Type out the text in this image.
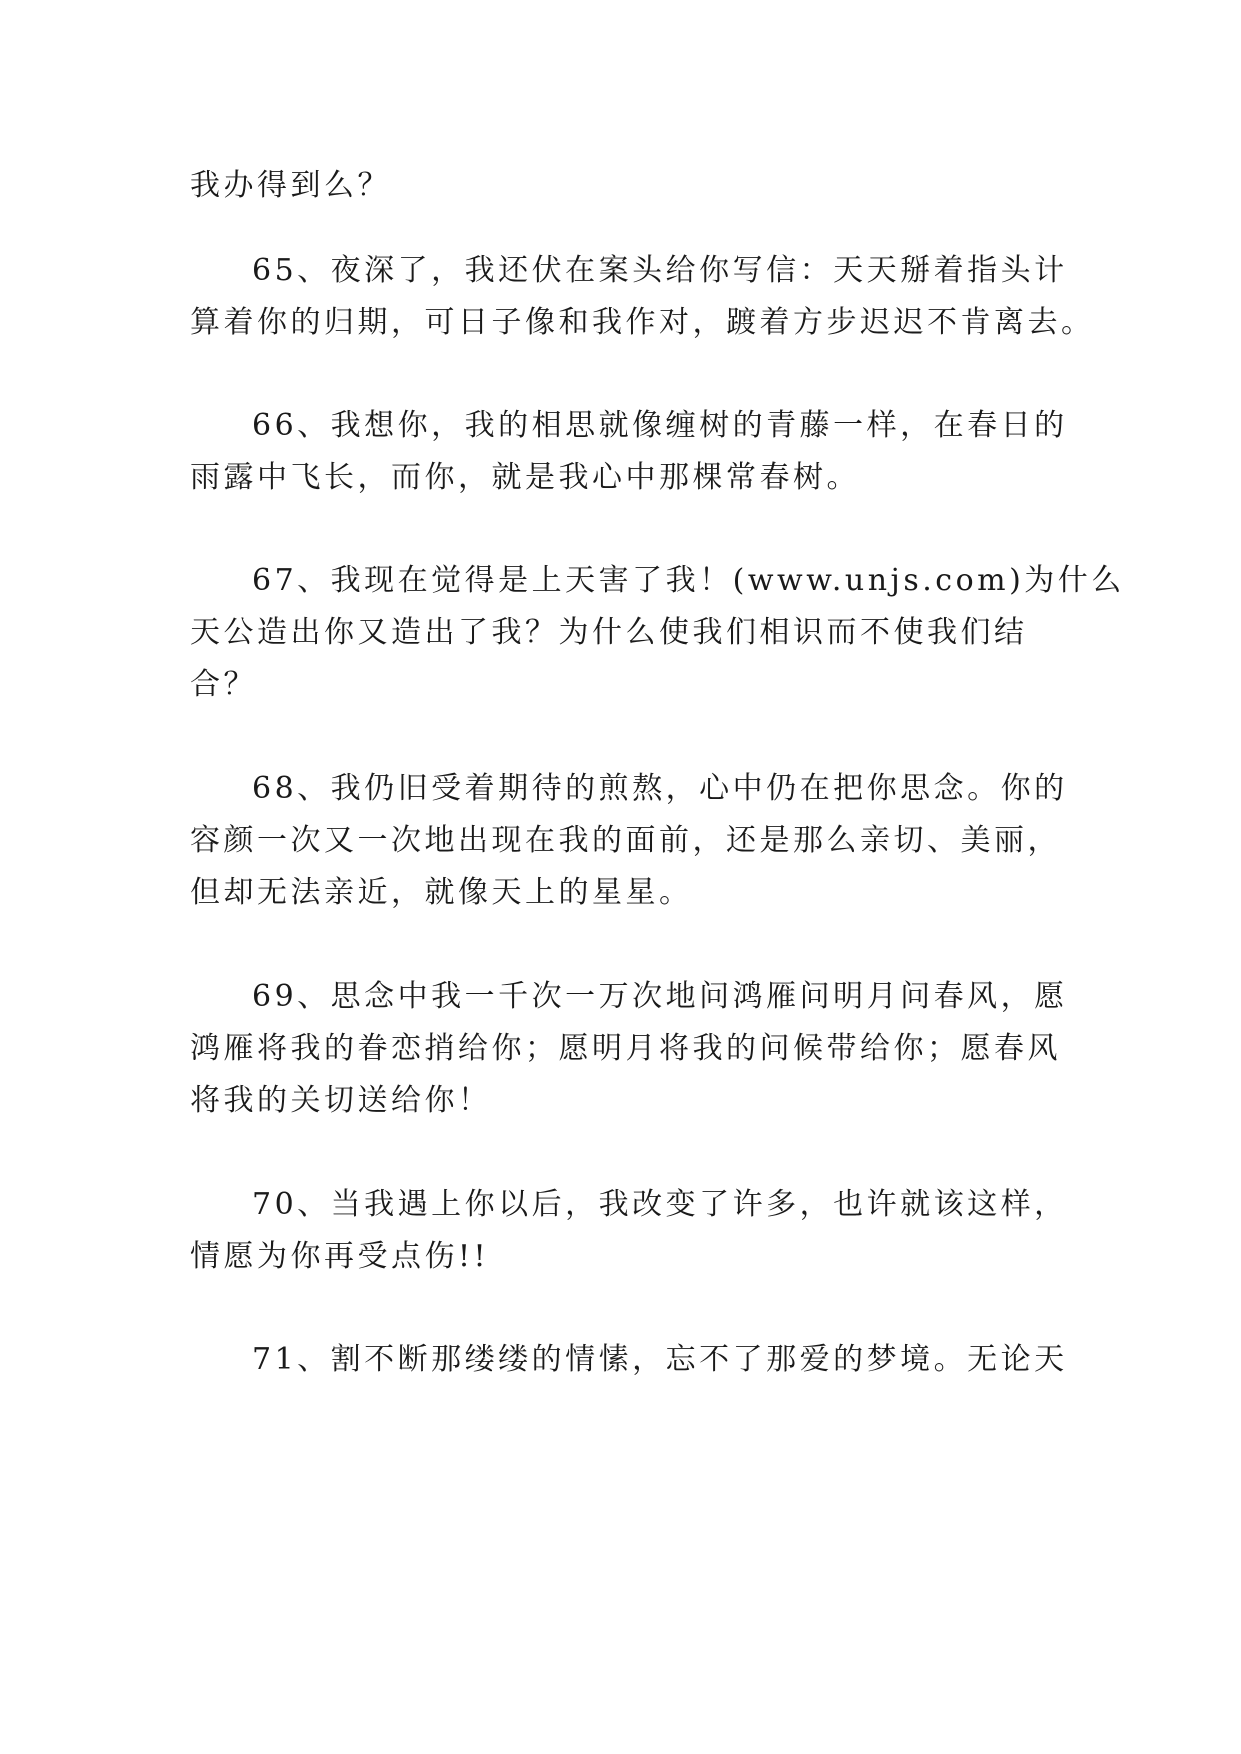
我办得到么？
65、夜深了，我还伏在案头给你写信：天天掰着指头计
算着你的归期，可日子像和我作对，踱着方步迟迟不肯离去。
66、我想你，我的相思就像缠树的青藤一样，在春日的
雨露中飞长，而你，就是我心中那棵常春树。
67、我现在觉得是上天害了我！(www.unjs.com)为什么
天公造出你又造出了我？为什么使我们相识而不使我们结
合？
68、我仍旧受着期待的煎熬，心中仍在把你思念。你的
容颜一次又一次地出现在我的面前，还是那么亲切、美丽，
但却无法亲近，就像天上的星星。
69、思念中我一千次一万次地问鸿雁问明月问春风，愿
鸿雁将我的眷恋捎给你；愿明月将我的问候带给你；愿春风
将我的关切送给你！
70、当我遇上你以后，我改变了许多，也许就该这样，
情愿为你再受点伤!!
71、割不断那缕缕的情愫，忘不了那爱的梦境。无论天
